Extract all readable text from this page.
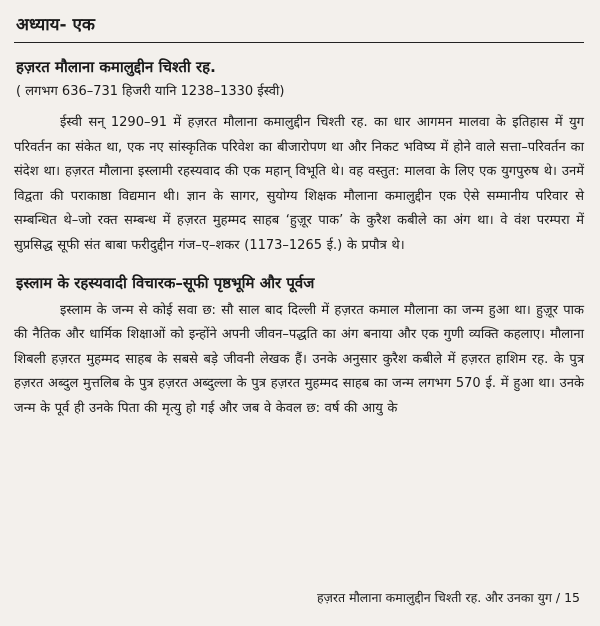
अध्याय- एक
हज़रत मौलाना कमालुद्दीन चिश्ती रह.
( लगभग 636–731 हिजरी यानि 1238–1330 ईस्वी)

ईस्वी सन् 1290–91 में हज़रत मौलाना कमालुद्दीन चिश्ती रह. का धार आगमन मालवा के इतिहास में युग परिवर्तन का संकेत था, एक नए सांस्कृतिक परिवेश का बीजारोपण था और निकट भविष्य में होने वाले सत्ता–परिवर्तन का संदेश था। हज़रत मौलाना इस्लामी रहस्यवाद की एक महान् विभूति थे। वह वस्तुत: मालवा के लिए एक युगपुरुष थे। उनमें विद्वता की पराकाष्ठा विद्यमान थी। ज्ञान के सागर, सुयोग्य शिक्षक मौलाना कमालुद्दीन एक ऐसे सम्मानीय परिवार से सम्बन्धित थे–जो रक्त सम्बन्ध में हज़रत मुहम्मद साहब ‘हुज़ूर पाक’ के कुरैश कबीले का अंग था। वे वंश परम्परा में सुप्रसिद्ध सूफी संत बाबा फरीदुद्दीन गंज–ए–शकर (1173–1265 ई.) के प्रपौत्र थे।

इस्लाम के रहस्यवादी विचारक–सूफी पृष्ठभूमि और पूर्वज

इस्लाम के जन्म से कोई सवा छ: सौ साल बाद दिल्ली में हज़रत कमाल मौलाना का जन्म हुआ था। हुज़ूर पाक की नैतिक और धार्मिक शिक्षाओं को इन्होंने अपनी जीवन–पद्धति का अंग बनाया और एक गुणी व्यक्ति कहलाए। मौलाना शिबली हज़रत मुहम्मद साहब के सबसे बड़े जीवनी लेखक हैं। उनके अनुसार कुरैश कबीले में हज़रत हाशिम रह. के पुत्र हज़रत अब्दुल मुत्तलिब के पुत्र हज़रत अब्दुल्ला के पुत्र हज़रत मुहम्मद साहब का जन्म लगभग 570 ई. में हुआ था। उनके जन्म के पूर्व ही उनके पिता की मृत्यु हो गई और जब वे केवल छ: वर्ष की आयु के

हज़रत मौलाना कमालुद्दीन चिश्ती रह. और उनका युग / 15
